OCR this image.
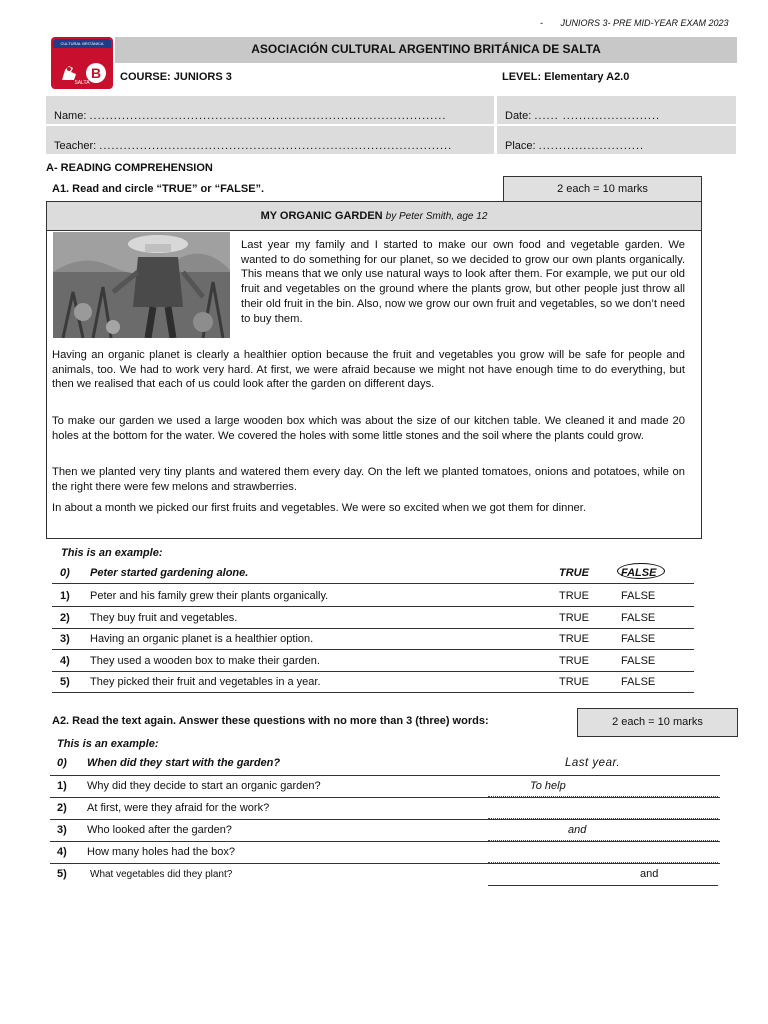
-       JUNIORS 3- PRE MID-YEAR EXAM 2023
CULTURAL BRITÁNICA
B
SALTA
ASOCIACIÓN CULTURAL ARGENTINO BRITÁNICA DE SALTA
COURSE: JUNIORS 3	LEVEL: Elementary A2.0
Name: ........................................................................................	Date: ...... ........................
Teacher: .......................................................................................	Place: ..........................
A- READING COMPREHENSION
A1. Read and circle “TRUE” or “FALSE”.	2 each = 10 marks
MY ORGANIC GARDEN by Peter Smith, age 12
Last year my family and I started to make our own food and vegetable garden. We wanted to do something for our planet, so we decided to grow our own plants organically. This means that we only use natural ways to look after them. For example, we put our old fruit and vegetables on the ground where the plants grow, but other people just throw all their old fruit in the bin. Also, now we grow our own fruit and vegetables, so we don’t need to buy them.
Having an organic planet is clearly a healthier option because the fruit and vegetables you grow will be safe for people and animals, too. We had to work very hard. At first, we were afraid because we might not have enough time to do everything, but then we realised that each of us could look after the garden on different days.
To make our garden we used a large wooden box which was about the size of our kitchen table. We cleaned it and made 20 holes at the bottom for the water. We covered the holes with some little stones and the soil where the plants could grow.
Then we planted very tiny plants and watered them every day. On the left we planted tomatoes, onions and potatoes, while on the right there were few melons and strawberries.
In about a month we picked our first fruits and vegetables. We were so excited when we got them for dinner.
This is an example:
0) Peter started gardening alone.	TRUE	FALSE
1) Peter and his family grew their plants organically.	TRUE	FALSE
2) They buy fruit and vegetables.	TRUE	FALSE
3) Having an organic planet is a healthier option.	TRUE	FALSE
4) They used a wooden box to make their garden.	TRUE	FALSE
5) They picked their fruit and vegetables in a year.	TRUE	FALSE
A2. Read the text again. Answer these questions with no more than 3 (three) words:	2 each = 10 marks
This is an example:
0) When did they start with the garden?	Last year.
1) Why did they decide to start an organic garden?	To help
2) At first, were they afraid for the work?
3) Who looked after the garden?	and
4) How many holes had the box?
5) What vegetables did they plant?	and
